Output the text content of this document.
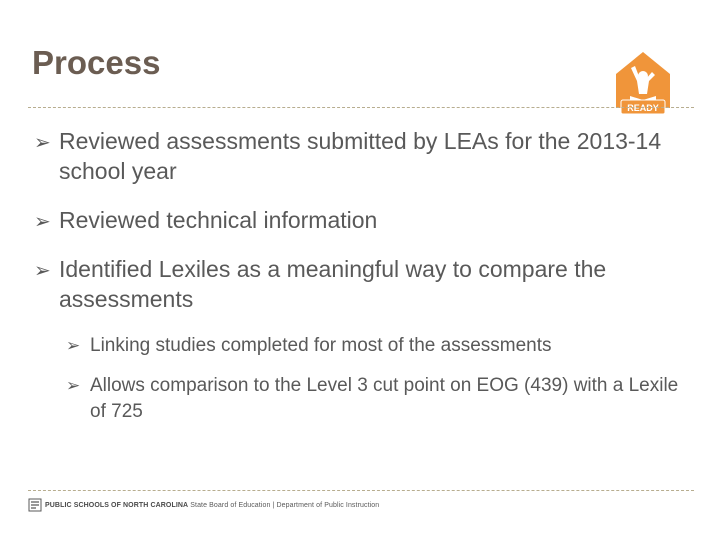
Process
READY
➢ Reviewed assessments submitted by LEAs for the 2013-14 school year
➢ Reviewed technical information
➢ Identified Lexiles as a meaningful way to compare the assessments
➢ Linking studies completed for most of the assessments
➢ Allows comparison to the Level 3 cut point on EOG (439) with a Lexile of 725
PUBLIC SCHOOLS OF NORTH CAROLINA State Board of Education | Department of Public Instruction
